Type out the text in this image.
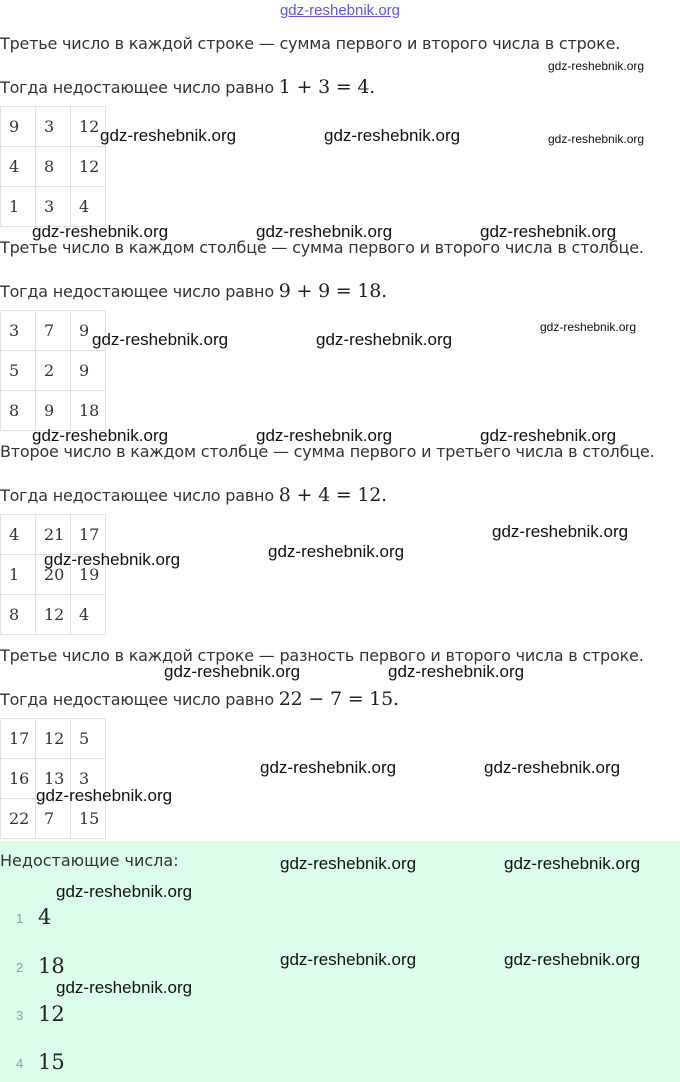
gdz-reshebnik.org
Третье число в каждой строке — сумма первого и второго числа в строке.
Тогда недостающее число равно 1 + 3 = 4.
9	3	12
4	8	12
1	3	4
Третье число в каждом столбце — сумма первого и второго числа в столбце.
Тогда недостающее число равно 9 + 9 = 18.
3	7	9
5	2	9
8	9	18
Второе число в каждом столбце — сумма первого и третьего числа в столбце.
Тогда недостающее число равно 8 + 4 = 12.
4	21	17
1	20	19
8	12	4
Третье число в каждой строке — разность первого и второго числа в строке.
Тогда недостающее число равно 22 − 7 = 15.
17	12	5
16	13	3
22	7	15
Недостающие числа:
1 4
2 18
3 12
4 15
gdz-reshebnik.org
gdz-reshebnik.org	gdz-reshebnik.org	gdz-reshebnik.org
gdz-reshebnik.org	gdz-reshebnik.org	gdz-reshebnik.org
gdz-reshebnik.org
gdz-reshebnik.org	gdz-reshebnik.org
gdz-reshebnik.org	gdz-reshebnik.org	gdz-reshebnik.org
gdz-reshebnik.org
gdz-reshebnik.org
gdz-reshebnik.org
gdz-reshebnik.org	gdz-reshebnik.org
gdz-reshebnik.org	gdz-reshebnik.org
gdz-reshebnik.org
gdz-reshebnik.org	gdz-reshebnik.org
gdz-reshebnik.org
gdz-reshebnik.org	gdz-reshebnik.org
gdz-reshebnik.org
